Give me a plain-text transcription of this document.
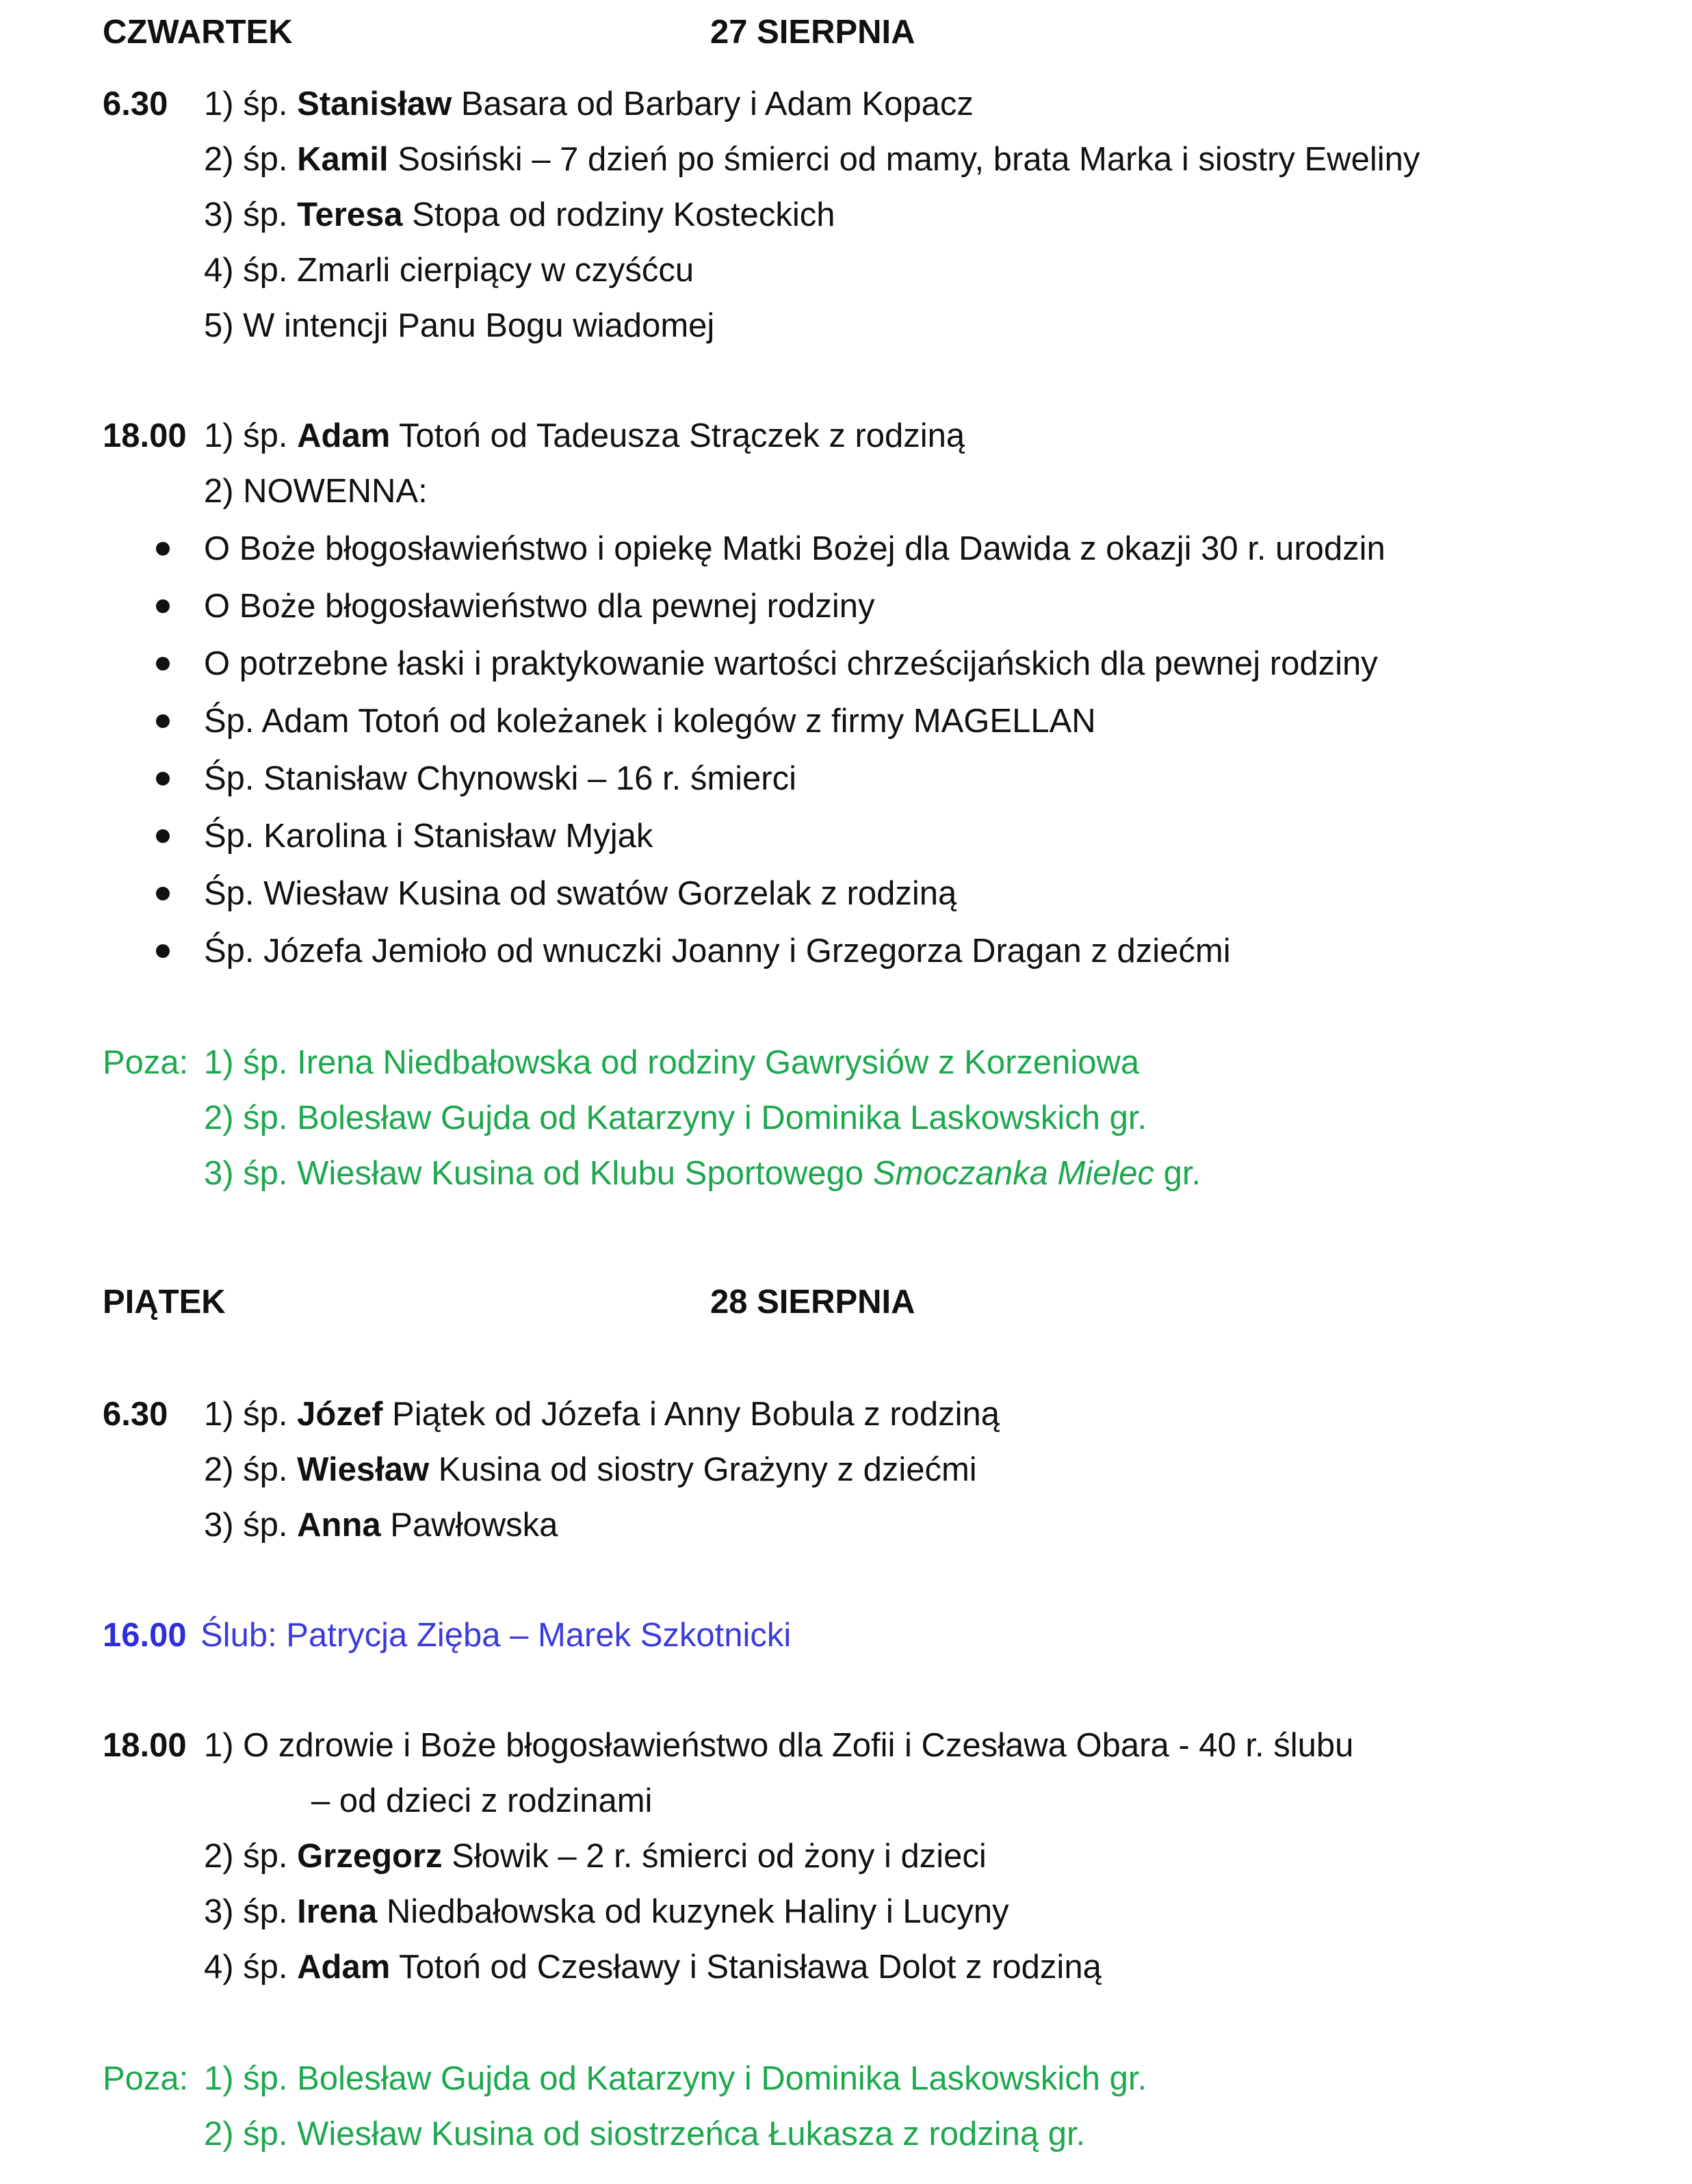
CZWARTEK	27 SIERPNIA
6.30 1) śp. Stanisław Basara od Barbary i Adam Kopacz
2) śp. Kamil Sosiński – 7 dzień po śmierci od mamy, brata Marka i siostry Eweliny
3) śp. Teresa Stopa od rodziny Kosteckich
4) śp. Zmarli cierpiący w czyśćcu
5) W intencji Panu Bogu wiadomej
18.00 1) śp. Adam Totoń od Tadeusza Strączek z rodziną
2) NOWENNA:
O Boże błogosławieństwo i opiekę Matki Bożej dla Dawida z okazji 30 r. urodzin
O Boże błogosławieństwo dla pewnej rodziny
O potrzebne łaski i praktykowanie wartości chrześcijańskich dla pewnej rodziny
Śp. Adam Totoń od koleżanek i kolegów z firmy MAGELLAN
Śp. Stanisław Chynowski – 16 r. śmierci
Śp. Karolina i Stanisław Myjak
Śp. Wiesław Kusina od swatów Gorzelak z rodziną
Śp. Józefa Jemioło od wnuczki Joanny i Grzegorza Dragan z dziećmi
Poza: 1) śp. Irena Niedbałowska od rodziny Gawrysiów z Korzeniowa
2) śp. Bolesław Gujda od Katarzyny i Dominika Laskowskich gr.
3) śp. Wiesław Kusina od Klubu Sportowego Smoczanka Mielec gr.
PIĄTEK	28 SIERPNIA
6.30 1) śp. Józef Piątek od Józefa i Anny Bobula z rodziną
2) śp. Wiesław Kusina od siostry Grażyny z dziećmi
3) śp. Anna Pawłowska
16.00 Ślub: Patrycja Zięba – Marek Szkotnicki
18.00 1) O zdrowie i Boże błogosławieństwo dla Zofii i Czesława Obara - 40 r. ślubu
– od dzieci z rodzinami
2) śp. Grzegorz Słowik – 2 r. śmierci od żony i dzieci
3) śp. Irena Niedbałowska od kuzynek Haliny i Lucyny
4) śp. Adam Totoń od Czesławy i Stanisława Dolot z rodziną
Poza: 1) śp. Bolesław Gujda od Katarzyny i Dominika Laskowskich gr.
2) śp. Wiesław Kusina od siostrzeńca Łukasza z rodziną gr.
